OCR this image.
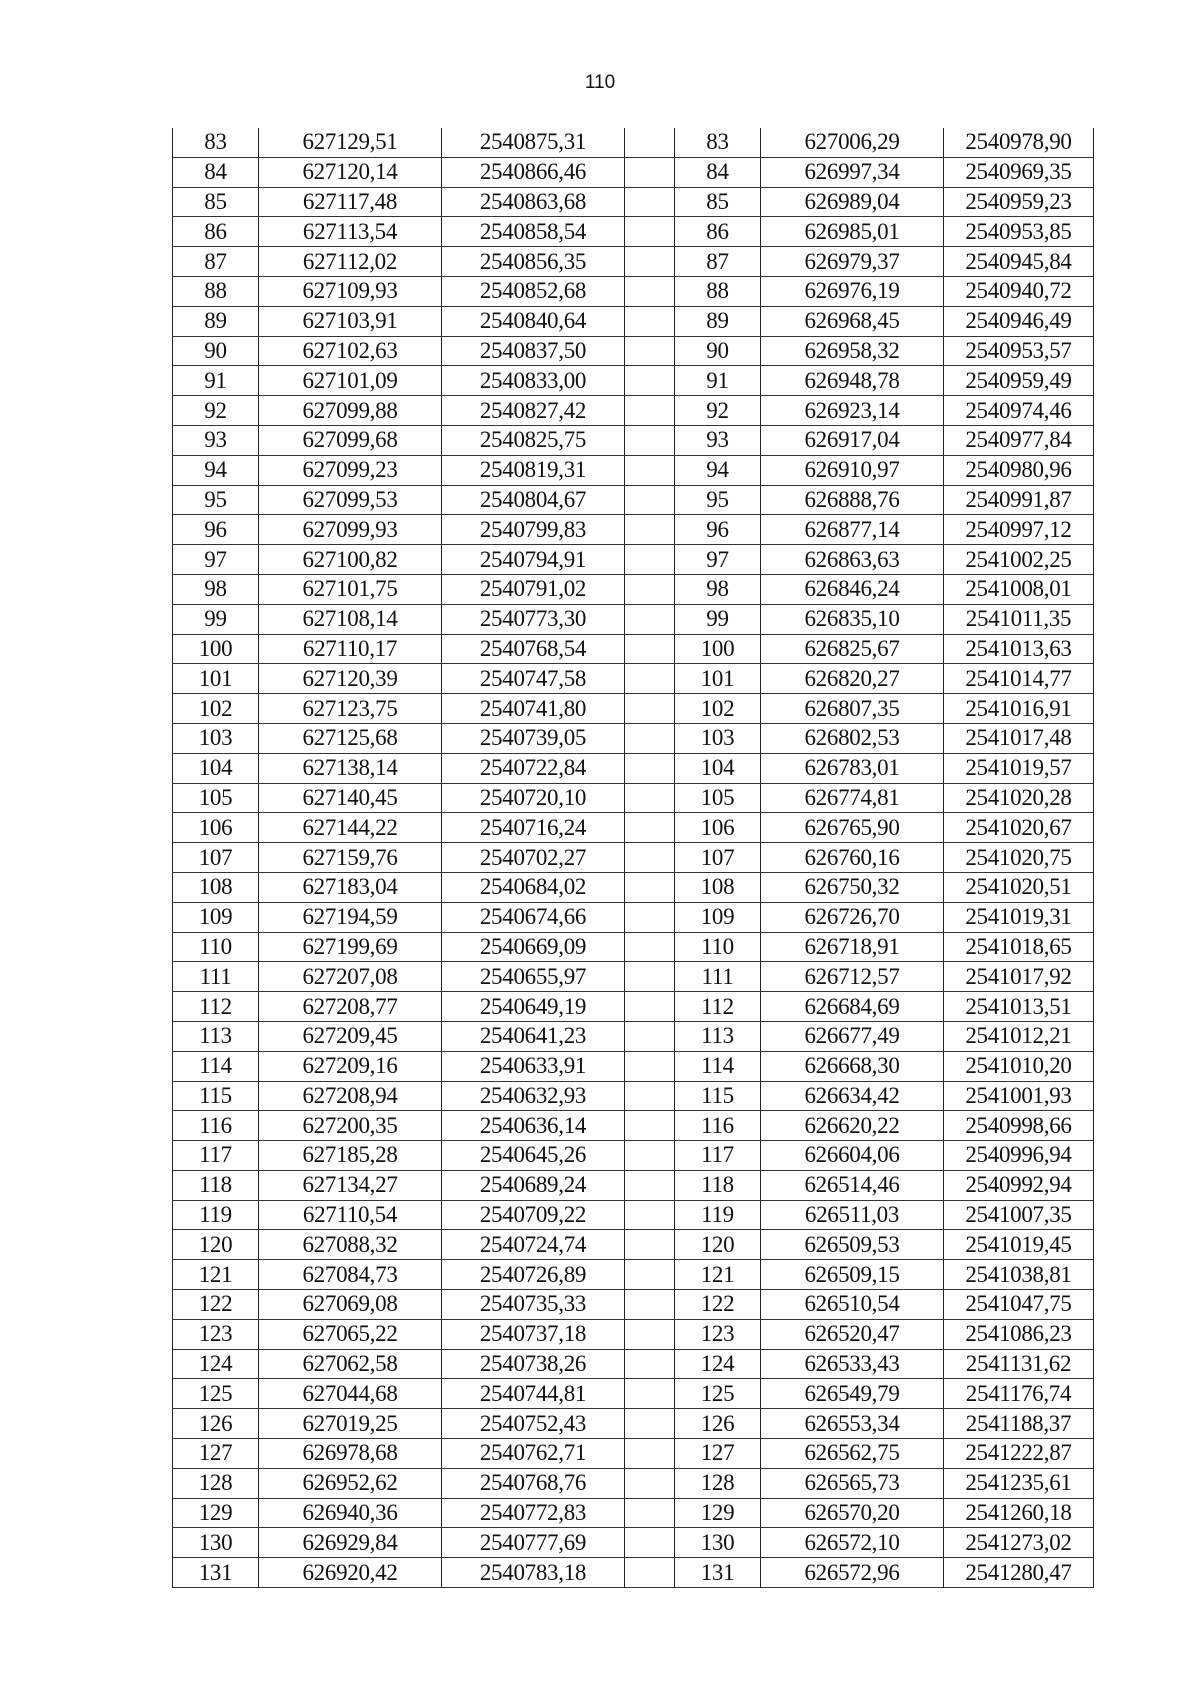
110
83	627129,51	2540875,31		83	627006,29	2540978,90
84	627120,14	2540866,46		84	626997,34	2540969,35
85	627117,48	2540863,68		85	626989,04	2540959,23
86	627113,54	2540858,54		86	626985,01	2540953,85
87	627112,02	2540856,35		87	626979,37	2540945,84
88	627109,93	2540852,68		88	626976,19	2540940,72
89	627103,91	2540840,64		89	626968,45	2540946,49
90	627102,63	2540837,50		90	626958,32	2540953,57
91	627101,09	2540833,00		91	626948,78	2540959,49
92	627099,88	2540827,42		92	626923,14	2540974,46
93	627099,68	2540825,75		93	626917,04	2540977,84
94	627099,23	2540819,31		94	626910,97	2540980,96
95	627099,53	2540804,67		95	626888,76	2540991,87
96	627099,93	2540799,83		96	626877,14	2540997,12
97	627100,82	2540794,91		97	626863,63	2541002,25
98	627101,75	2540791,02		98	626846,24	2541008,01
99	627108,14	2540773,30		99	626835,10	2541011,35
100	627110,17	2540768,54		100	626825,67	2541013,63
101	627120,39	2540747,58		101	626820,27	2541014,77
102	627123,75	2540741,80		102	626807,35	2541016,91
103	627125,68	2540739,05		103	626802,53	2541017,48
104	627138,14	2540722,84		104	626783,01	2541019,57
105	627140,45	2540720,10		105	626774,81	2541020,28
106	627144,22	2540716,24		106	626765,90	2541020,67
107	627159,76	2540702,27		107	626760,16	2541020,75
108	627183,04	2540684,02		108	626750,32	2541020,51
109	627194,59	2540674,66		109	626726,70	2541019,31
110	627199,69	2540669,09		110	626718,91	2541018,65
111	627207,08	2540655,97		111	626712,57	2541017,92
112	627208,77	2540649,19		112	626684,69	2541013,51
113	627209,45	2540641,23		113	626677,49	2541012,21
114	627209,16	2540633,91		114	626668,30	2541010,20
115	627208,94	2540632,93		115	626634,42	2541001,93
116	627200,35	2540636,14		116	626620,22	2540998,66
117	627185,28	2540645,26		117	626604,06	2540996,94
118	627134,27	2540689,24		118	626514,46	2540992,94
119	627110,54	2540709,22		119	626511,03	2541007,35
120	627088,32	2540724,74		120	626509,53	2541019,45
121	627084,73	2540726,89		121	626509,15	2541038,81
122	627069,08	2540735,33		122	626510,54	2541047,75
123	627065,22	2540737,18		123	626520,47	2541086,23
124	627062,58	2540738,26		124	626533,43	2541131,62
125	627044,68	2540744,81		125	626549,79	2541176,74
126	627019,25	2540752,43		126	626553,34	2541188,37
127	626978,68	2540762,71		127	626562,75	2541222,87
128	626952,62	2540768,76		128	626565,73	2541235,61
129	626940,36	2540772,83		129	626570,20	2541260,18
130	626929,84	2540777,69		130	626572,10	2541273,02
131	626920,42	2540783,18		131	626572,96	2541280,47
